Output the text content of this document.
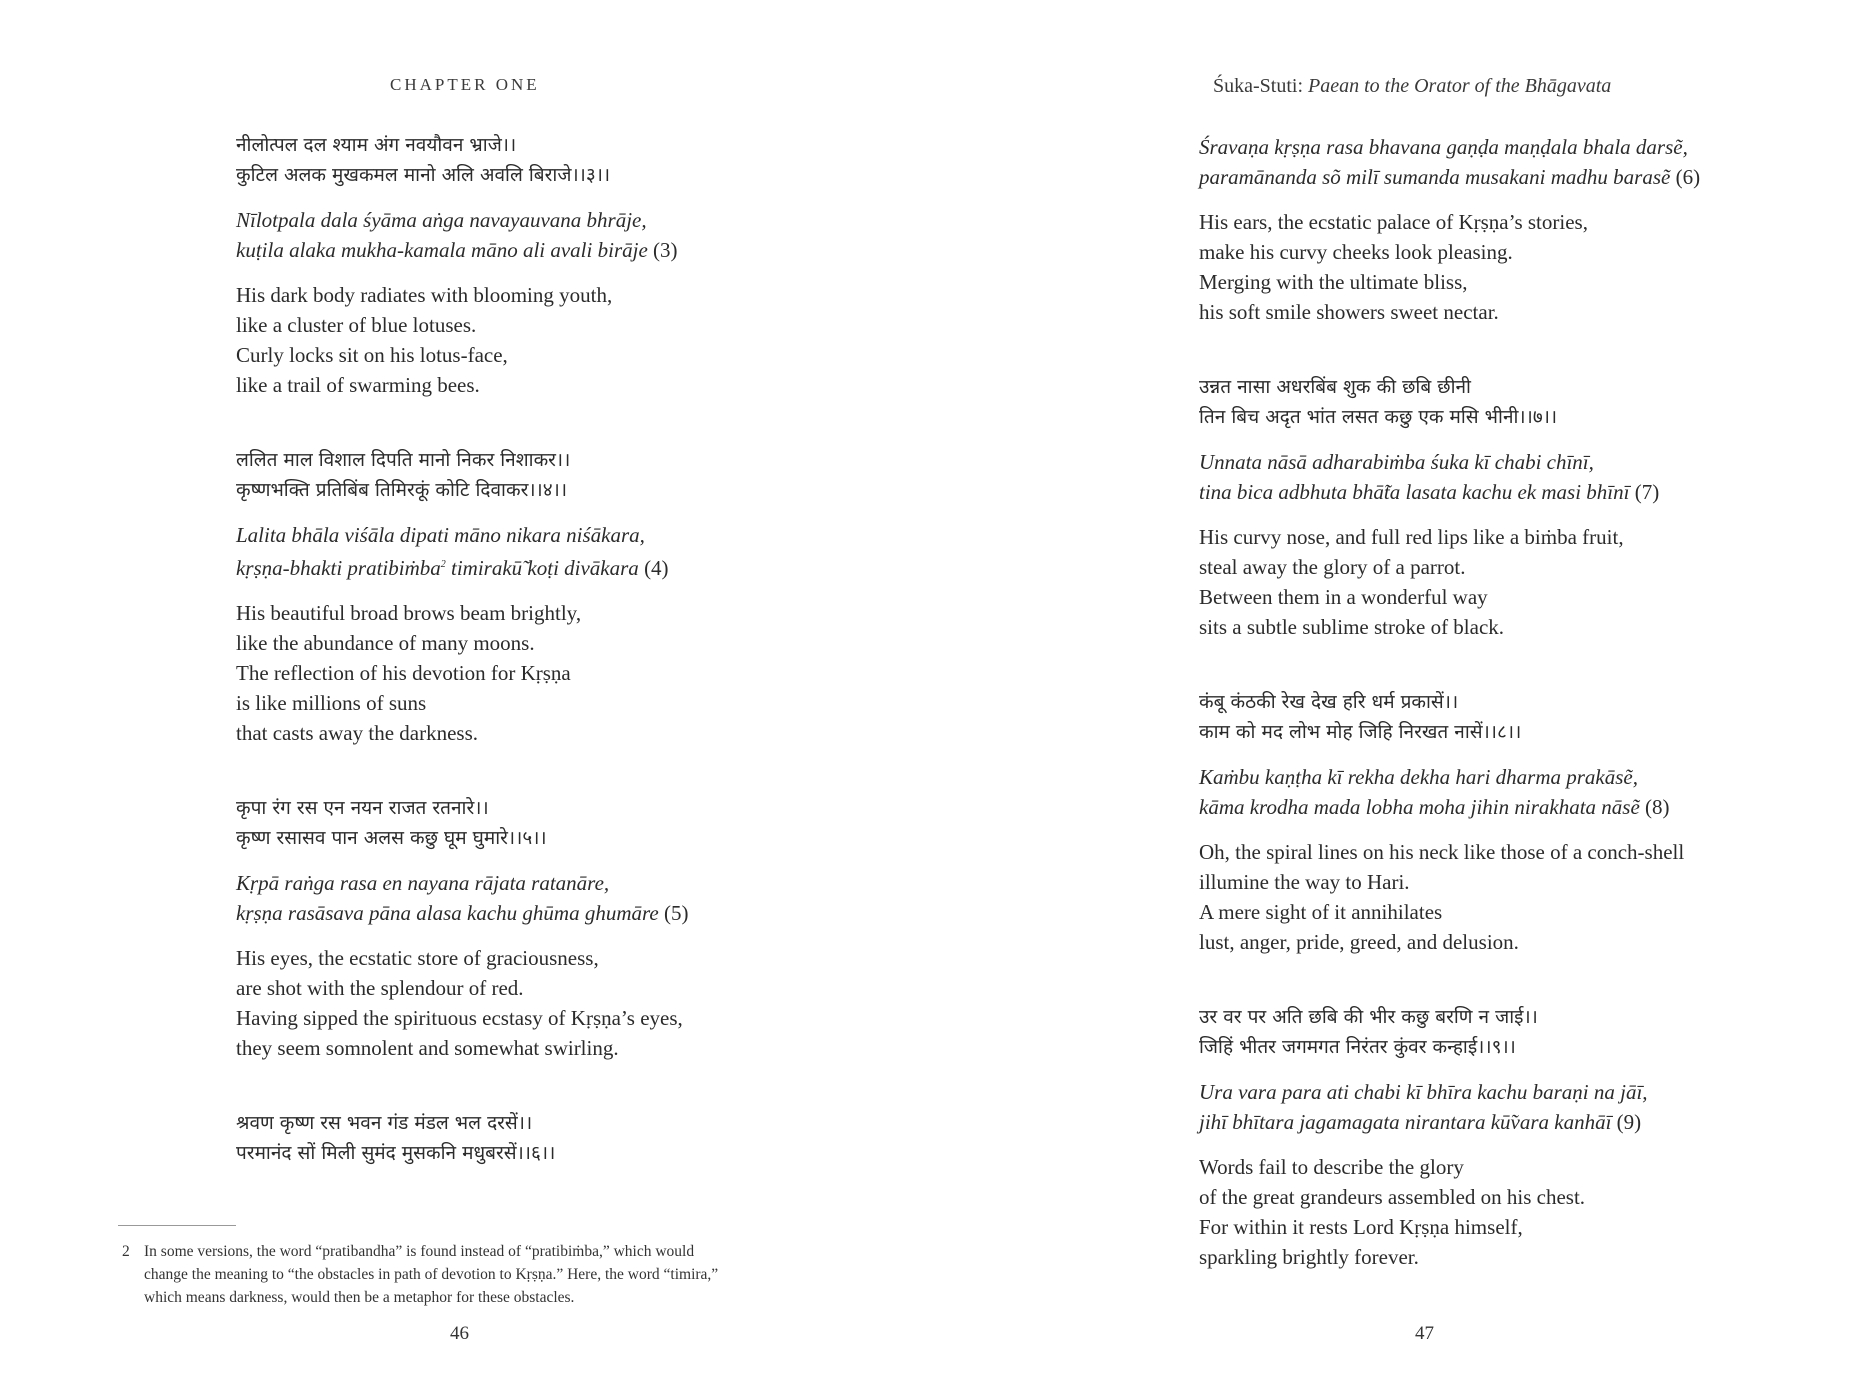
CHAPTER ONE
नीलोत्पल दल श्याम अंग नवयौवन भ्राजे।।
कुटिल अलक मुखकमल मानो अलि अवलि बिराजे।।३।।
Nīlotpala dala śyāma aṅga navayauvana bhrāje,
kuṭila alaka mukha-kamala māno ali avali birāje (3)
His dark body radiates with blooming youth,
like a cluster of blue lotuses.
Curly locks sit on his lotus-face,
like a trail of swarming bees.
ललित माल विशाल दिपति मानो निकर निशाकर।।
कृष्णभक्ति प्रतिबिंब तिमिरकूं कोटि दिवाकर।।४।।
Lalita bhāla viśāla dipati māno nikara niśākara,
kṛṣṇa-bhakti pratibiṁba$^2$ timirakū̃ koṭi divākara (4)
His beautiful broad brows beam brightly,
like the abundance of many moons.
The reflection of his devotion for Kṛṣṇa
is like millions of suns
that casts away the darkness.
कृपा रंग रस एन नयन राजत रतनारे।।
कृष्ण रसासव पान अलस कछु घूम घुमारे।।५।।
Kṛpā raṅga rasa en nayana rājata ratanāre,
kṛṣṇa rasāsava pāna alasa kachu ghūma ghumāre (5)
His eyes, the ecstatic store of graciousness,
are shot with the splendour of red.
Having sipped the spirituous ecstasy of Kṛṣṇa’s eyes,
they seem somnolent and somewhat swirling.
श्रवण कृष्ण रस भवन गंड मंडल भल दरसें।।
परमानंद सों मिली सुमंद मुसकनि मधुबरसें।।६।।
2 In some versions, the word “pratibandha” is found instead of “pratibiṁba,” which would
change the meaning to “the obstacles in path of devotion to Kṛṣṇa.” Here, the word “timira,”
which means darkness, would then be a metaphor for these obstacles.
46
Śuka-Stuti: Paean to the Orator of the Bhāgavata
Śravaṇa kṛṣṇa rasa bhavana gaṇḍa maṇḍala bhala darsẽ,
paramānanda sõ milī sumanda musakani madhu barasẽ (6)
His ears, the ecstatic palace of Kṛṣṇa’s stories,
make his curvy cheeks look pleasing.
Merging with the ultimate bliss,
his soft smile showers sweet nectar.
उन्नत नासा अधरबिंब शुक की छबि छीनी
तिन बिच अदृत भांत लसत कछु एक मसि भीनी।।७।।
Unnata nāsā adharabiṁba śuka kī chabi chīnī,
tina bica adbhuta bhā̃ta lasata kachu ek masi bhīnī (7)
His curvy nose, and full red lips like a biṁba fruit,
steal away the glory of a parrot.
Between them in a wonderful way
sits a subtle sublime stroke of black.
कंबू कंठकी रेख देख हरि धर्म प्रकासें।।
काम को मद लोभ मोह जिहि निरखत नासें।।८।।
Kaṁbu kaṇṭha kī rekha dekha hari dharma prakāsẽ,
kāma krodha mada lobha moha jihin nirakhata nāsẽ (8)
Oh, the spiral lines on his neck like those of a conch-shell
illumine the way to Hari.
A mere sight of it annihilates
lust, anger, pride, greed, and delusion.
उर वर पर अति छबि की भीर कछु बरणि न जाई।।
जिहिं भीतर जगमगत निरंतर कुंवर कन्हाई।।९।।
Ura vara para ati chabi kī bhīra kachu baraṇi na jāī,
jihī bhītara jagamagata nirantara kū̃vara kanhāī (9)
Words fail to describe the glory
of the great grandeurs assembled on his chest.
For within it rests Lord Kṛṣṇa himself,
sparkling brightly forever.
47
